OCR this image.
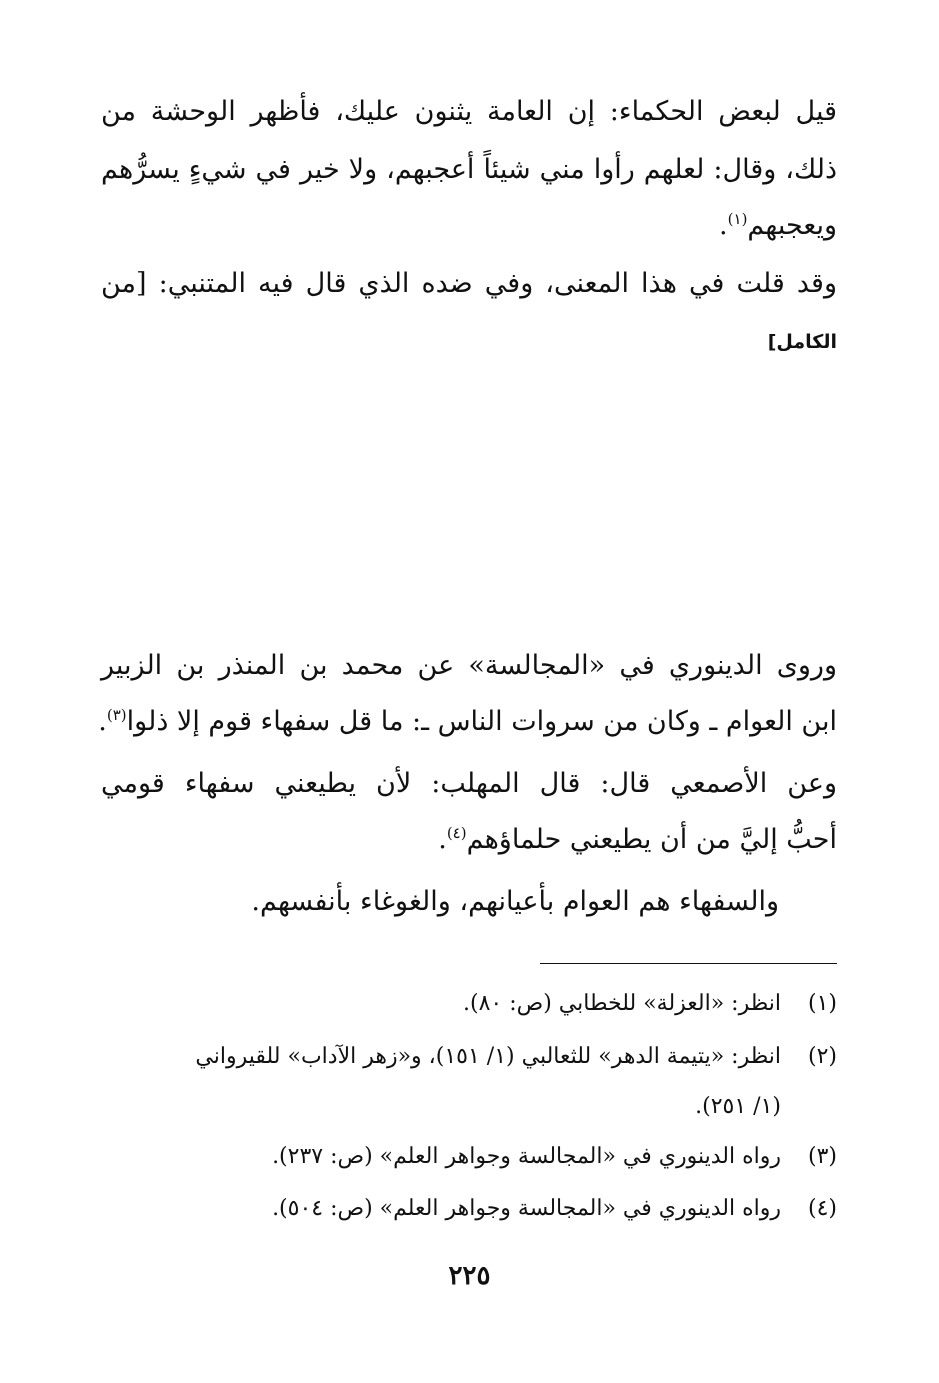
قيل لبعض الحكماء: إن العامة يثنون عليك، فأظهر الوحشة من
ذلك، وقال: لعلهم رأوا مني شيئاً أعجبهم، ولا خير في شيءٍ يسرُّهم
ويعجبهم$^{(١)}$.
وقد قلت في هذا المعنى، وفي ضده الذي قال فيه المتنبي: [من
الكامل]
وروى الدينوري في «المجالسة» عن محمد بن المنذر بن الزبير
ابن العوام ـ وكان من سروات الناس ـ: ما قل سفهاء قوم إلا ذلوا$^{(٣)}$.
وعن الأصمعي قال: قال المهلب: لأن يطيعني سفهاء قومي
أحبُّ إليَّ من أن يطيعني حلماؤهم$^{(٤)}$.
والسفهاء هم العوام بأعيانهم، والغوغاء بأنفسهم.
(١)انظر: «العزلة» للخطابي (ص: ٨٠).
(٢)انظر: «يتيمة الدهر» للثعالبي (١/ ١٥١)، و«زهر الآداب» للقيرواني
(١/ ٢٥١).
(٣)رواه الدينوري في «المجالسة وجواهر العلم» (ص: ٢٣٧).
(٤)رواه الدينوري في «المجالسة وجواهر العلم» (ص: ٥٠٤).
٢٢٥
